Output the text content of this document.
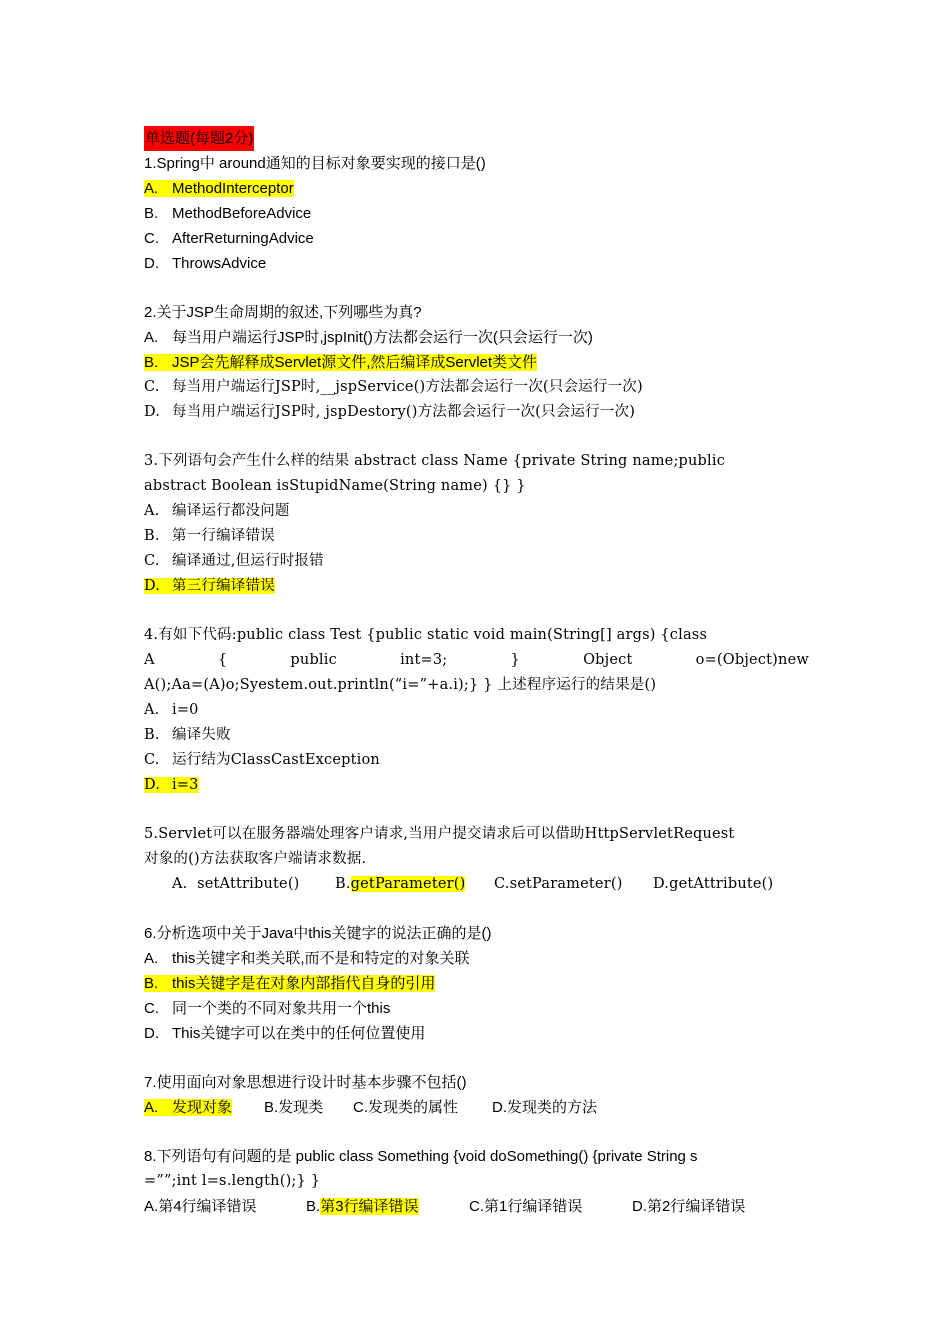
单选题(每题2分)
1.Spring中 around通知的目标对象要实现的接口是()
A. MethodInterceptor
B. MethodBeforeAdvice
C. AfterReturningAdvice
D. ThrowsAdvice
2.关于JSP生命周期的叙述,下列哪些为真?
A. 每当用户端运行JSP时,jspInit()方法都会运行一次(只会运行一次)
B. JSP会先解释成Servlet源文件,然后编译成Servlet类文件
C. 每当用户端运行JSP时,__jspService()方法都会运行一次(只会运行一次)
D. 每当用户端运行JSP时, jspDestory()方法都会运行一次(只会运行一次)
3.下列语句会产生什么样的结果 abstract class Name {private String name;public
abstract Boolean isStupidName(String name) {} }
A. 编译运行都没问题
B. 第一行编译错误
C. 编译通过,但运行时报错
D. 第三行编译错误
4.有如下代码:public class Test {public static void main(String[] args) {class
A	{	public	int=3;	}	Object	o=(Object)new
A();Aa=(A)o;Syestem.out.println(“i=”+a.i);} } 上述程序运行的结果是()
A. i=0
B. 编译失败
C. 运行结为ClassCastException
D. i=3
5.Servlet可以在服务器端处理客户请求,当用户提交请求后可以借助HttpServletRequest
对象的()方法获取客户端请求数据.
A. setAttribute() B.getParameter() C.setParameter() D.getAttribute()
6.分析选项中关于Java中this关键字的说法正确的是()
A. this关键字和类关联,而不是和特定的对象关联
B. this关键字是在对象内部指代自身的引用
C. 同一个类的不同对象共用一个this
D. This关键字可以在类中的任何位置使用
7.使用面向对象思想进行设计时基本步骤不包括()
A. 发现对象 B.发现类 C.发现类的属性 D.发现类的方法
8.下列语句有问题的是 public class Something {void doSomething() {private String s
=””;int l=s.length();} }
A.第4行编译错误	B.第3行编译错误	C.第1行编译错误	D.第2行编译错误
